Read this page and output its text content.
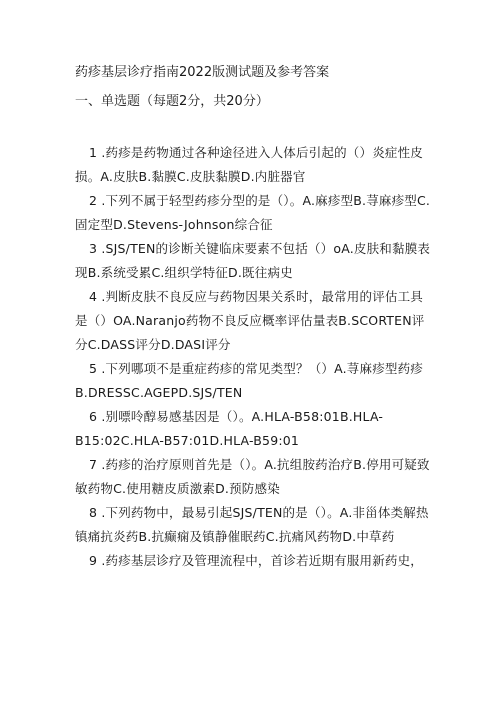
药疹基层诊疗指南2022版测试题及参考答案
一、单选题（每题2分，共20分）

1 .药疹是药物通过各种途径进入人体后引起的（）炎症性皮损。A.皮肤B.黏膜C.皮肤黏膜D.内脏器官

2 .下列不属于轻型药疹分型的是（）。A.麻疹型B.荨麻疹型C.固定型D.Stevens-Johnson综合征

3 .SJS/TEN的诊断关键临床要素不包括（）oA.皮肤和黏膜表现B.系统受累C.组织学特征D.既往病史

4 .判断皮肤不良反应与药物因果关系时，最常用的评估工具是（）OA.Naranjo药物不良反应概率评估量表B.SCORTEN评分C.DASS评分D.DASI评分

5 .下列哪项不是重症药疹的常见类型？（）A.荨麻疹型药疹B.DRESSC.AGEPD.SJS/TEN

6 .别嘌呤醇易感基因是（）。A.HLA-B58:01B.HLA-B15:02C.HLA-B57:01D.HLA-B59:01

7 .药疹的治疗原则首先是（）。A.抗组胺药治疗B.停用可疑致敏药物C.使用糖皮质激素D.预防感染

8 .下列药物中，最易引起SJS/TEN的是（）。A.非甾体类解热镇痛抗炎药B.抗癫痫及镇静催眠药C.抗痛风药物D.中草药

9 .药疹基层诊疗及管理流程中，首诊若近期有服用新药史，
